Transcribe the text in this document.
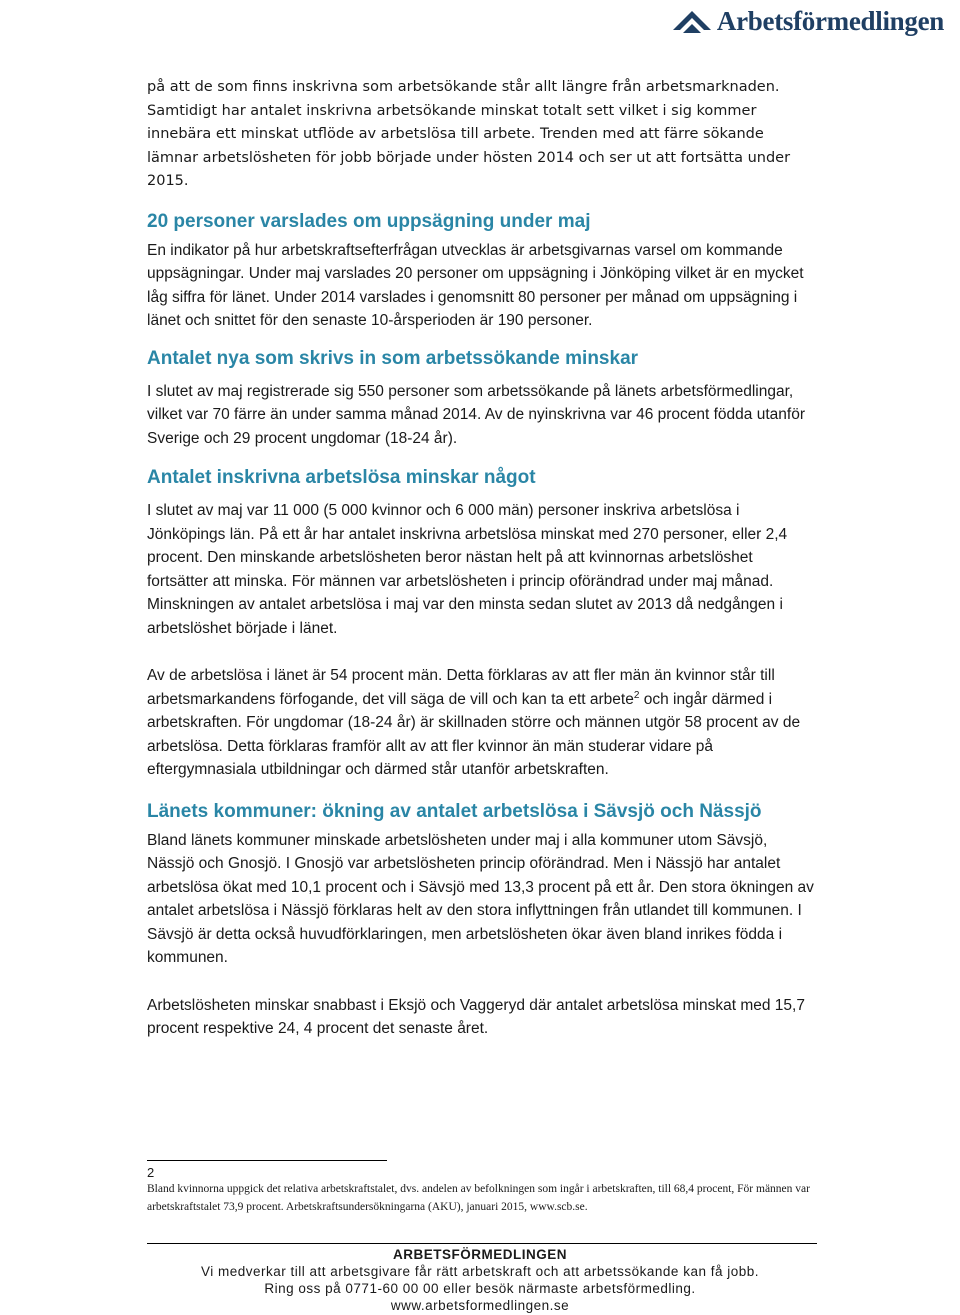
Arbetsförmedlingen

på att de som finns inskrivna som arbetsökande står allt längre från arbetsmarknaden. Samtidigt har antalet inskrivna arbetsökande minskat totalt sett vilket i sig kommer innebära ett minskat utflöde av arbetslösa till arbete. Trenden med att färre sökande lämnar arbetslösheten för jobb började under hösten 2014 och ser ut att fortsätta under 2015.

20 personer varslades om uppsägning under maj

En indikator på hur arbetskraftsefterfrågan utvecklas är arbetsgivarnas varsel om kommande uppsägningar. Under maj varslades 20 personer om uppsägning i Jönköping vilket är en mycket låg siffra för länet. Under 2014 varslades i genomsnitt 80 personer per månad om uppsägning i länet och snittet för den senaste 10-årsperioden är 190 personer.

Antalet nya som skrivs in som arbetssökande minskar

I slutet av maj registrerade sig 550 personer som arbetssökande på länets arbetsförmedlingar, vilket var 70 färre än under samma månad 2014. Av de nyinskrivna var 46 procent födda utanför Sverige och 29 procent ungdomar (18-24 år).

Antalet inskrivna arbetslösa minskar något

I slutet av maj var 11 000 (5 000 kvinnor och 6 000 män) personer inskriva arbetslösa i Jönköpings län. På ett år har antalet inskrivna arbetslösa minskat med 270 personer, eller 2,4 procent. Den minskande arbetslösheten beror nästan helt på att kvinnornas arbetslöshet fortsätter att minska. För männen var arbetslösheten i princip oförändrad under maj månad. Minskningen av antalet arbetslösa i maj var den minsta sedan slutet av 2013 då nedgången i arbetslöshet började i länet.

Av de arbetslösa i länet är 54 procent män. Detta förklaras av att fler män än kvinnor står till arbetsmarkandens förfogande, det vill säga de vill och kan ta ett arbete$^2$ och ingår därmed i arbetskraften. För ungdomar (18-24 år) är skillnaden större och männen utgör 58 procent av de arbetslösa. Detta förklaras framför allt av att fler kvinnor än män studerar vidare på eftergymnasiala utbildningar och därmed står utanför arbetskraften.

Länets kommuner: ökning av antalet arbetslösa i Sävsjö och Nässjö

Bland länets kommuner minskade arbetslösheten under maj i alla kommuner utom Sävsjö, Nässjö och Gnosjö. I Gnosjö var arbetslösheten princip oförändrad. Men i Nässjö har antalet arbetslösa ökat med 10,1 procent och i Sävsjö med 13,3 procent på ett år. Den stora ökningen av antalet arbetslösa i Nässjö förklaras helt av den stora inflyttningen från utlandet till kommunen. I Sävsjö är detta också huvudförklaringen, men arbetslösheten ökar även bland inrikes födda i kommunen.

Arbetslösheten minskar snabbast i Eksjö och Vaggeryd där antalet arbetslösa minskat med 15,7 procent respektive 24, 4 procent det senaste året.

2
Bland kvinnorna uppgick det relativa arbetskraftstalet, dvs. andelen av befolkningen som ingår i arbetskraften, till 68,4 procent, För männen var arbetskraftstalet 73,9 procent. Arbetskraftsundersökningarna (AKU), januari 2015, www.scb.se.
ARBETSFÖRMEDLINGEN
Vi medverkar till att arbetsgivare får rätt arbetskraft och att arbetssökande kan få jobb.
Ring oss på 0771-60 00 00 eller besök närmaste arbetsförmedling.
www.arbetsformedlingen.se
